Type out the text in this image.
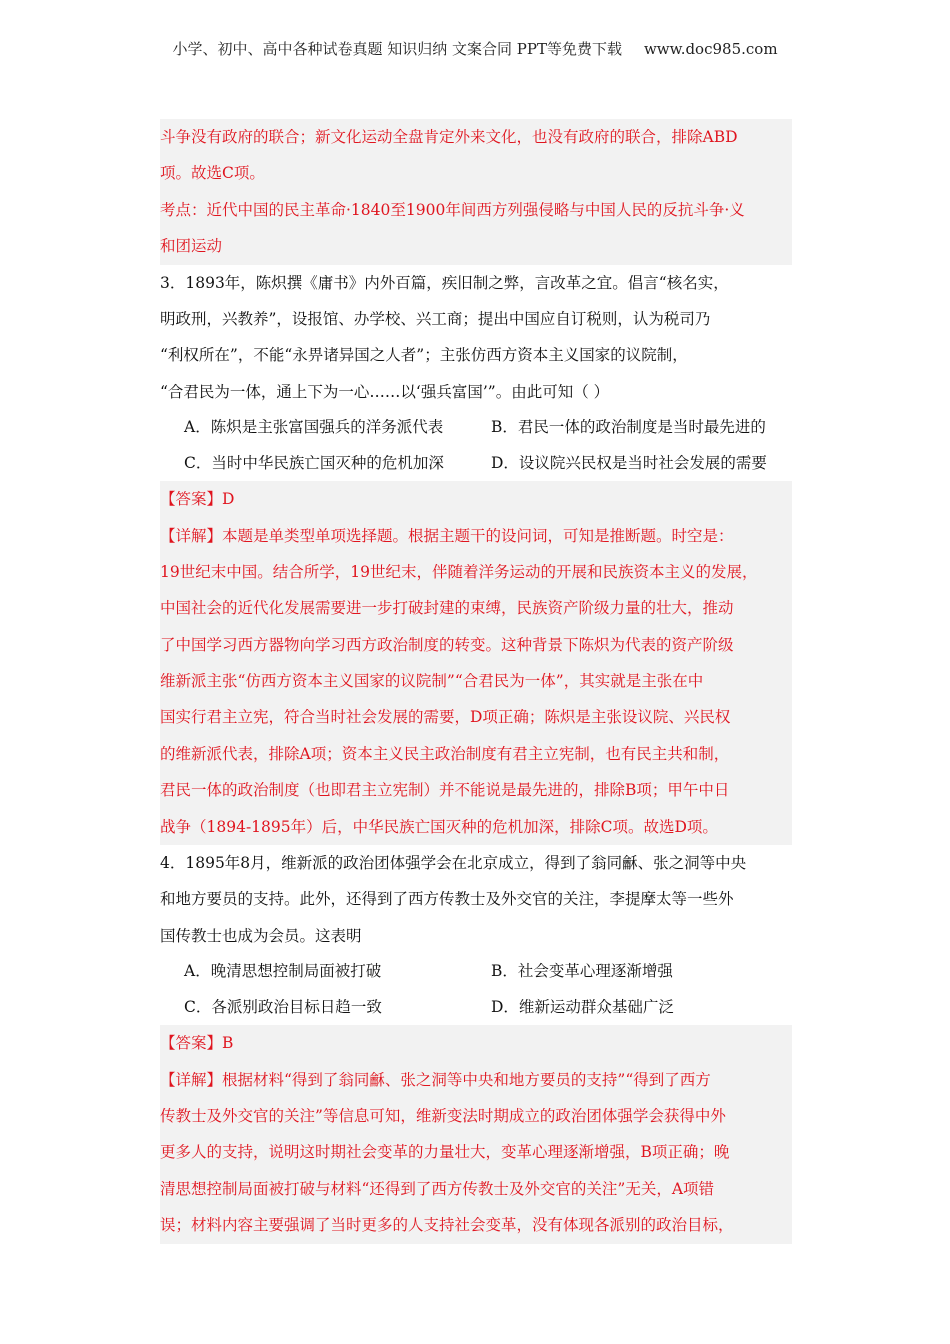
小学、初中、高中各种试卷真题 知识归纳 文案合同 PPT等免费下载 www.doc985.com
斗争没有政府的联合；新文化运动全盘肯定外来文化，也没有政府的联合，排除ABD
项。故选C项。
考点：近代中国的民主革命·1840至1900年间西方列强侵略与中国人民的反抗斗争·义
和团运动
3．1893年，陈炽撰《庸书》内外百篇，疾旧制之弊，言改革之宜。倡言“核名实，
明政刑，兴教养”，设报馆、办学校、兴工商；提出中国应自订税则，认为税司乃
“利权所在”，不能“永畀诸异国之人者”；主张仿西方资本主义国家的议院制，
“合君民为一体，通上下为一心……以‘强兵富国’”。由此可知（ ）
A．陈炽是主张富国强兵的洋务派代表	B．君民一体的政治制度是当时最先进的
C．当时中华民族亡国灭种的危机加深	D．设议院兴民权是当时社会发展的需要
【答案】D
【详解】本题是单类型单项选择题。根据主题干的设问词，可知是推断题。时空是：
19世纪末中国。结合所学，19世纪末，伴随着洋务运动的开展和民族资本主义的发展，
中国社会的近代化发展需要进一步打破封建的束缚，民族资产阶级力量的壮大，推动
了中国学习西方器物向学习西方政治制度的转变。这种背景下陈炽为代表的资产阶级
维新派主张“仿西方资本主义国家的议院制”“合君民为一体”，其实就是主张在中
国实行君主立宪，符合当时社会发展的需要，D项正确；陈炽是主张设议院、兴民权
的维新派代表，排除A项；资本主义民主政治制度有君主立宪制，也有民主共和制，
君民一体的政治制度（也即君主立宪制）并不能说是最先进的，排除B项；甲午中日
战争（1894-1895年）后，中华民族亡国灭种的危机加深，排除C项。故选D项。
4．1895年8月，维新派的政治团体强学会在北京成立，得到了翁同龢、张之洞等中央
和地方要员的支持。此外，还得到了西方传教士及外交官的关注，李提摩太等一些外
国传教士也成为会员。这表明
A．晚清思想控制局面被打破	B．社会变革心理逐渐增强
C．各派别政治目标日趋一致	D．维新运动群众基础广泛
【答案】B
【详解】根据材料“得到了翁同龢、张之洞等中央和地方要员的支持”“得到了西方
传教士及外交官的关注”等信息可知，维新变法时期成立的政治团体强学会获得中外
更多人的支持，说明这时期社会变革的力量壮大，变革心理逐渐增强，B项正确；晚
清思想控制局面被打破与材料“还得到了西方传教士及外交官的关注”无关，A项错
误；材料内容主要强调了当时更多的人支持社会变革，没有体现各派别的政治目标，
